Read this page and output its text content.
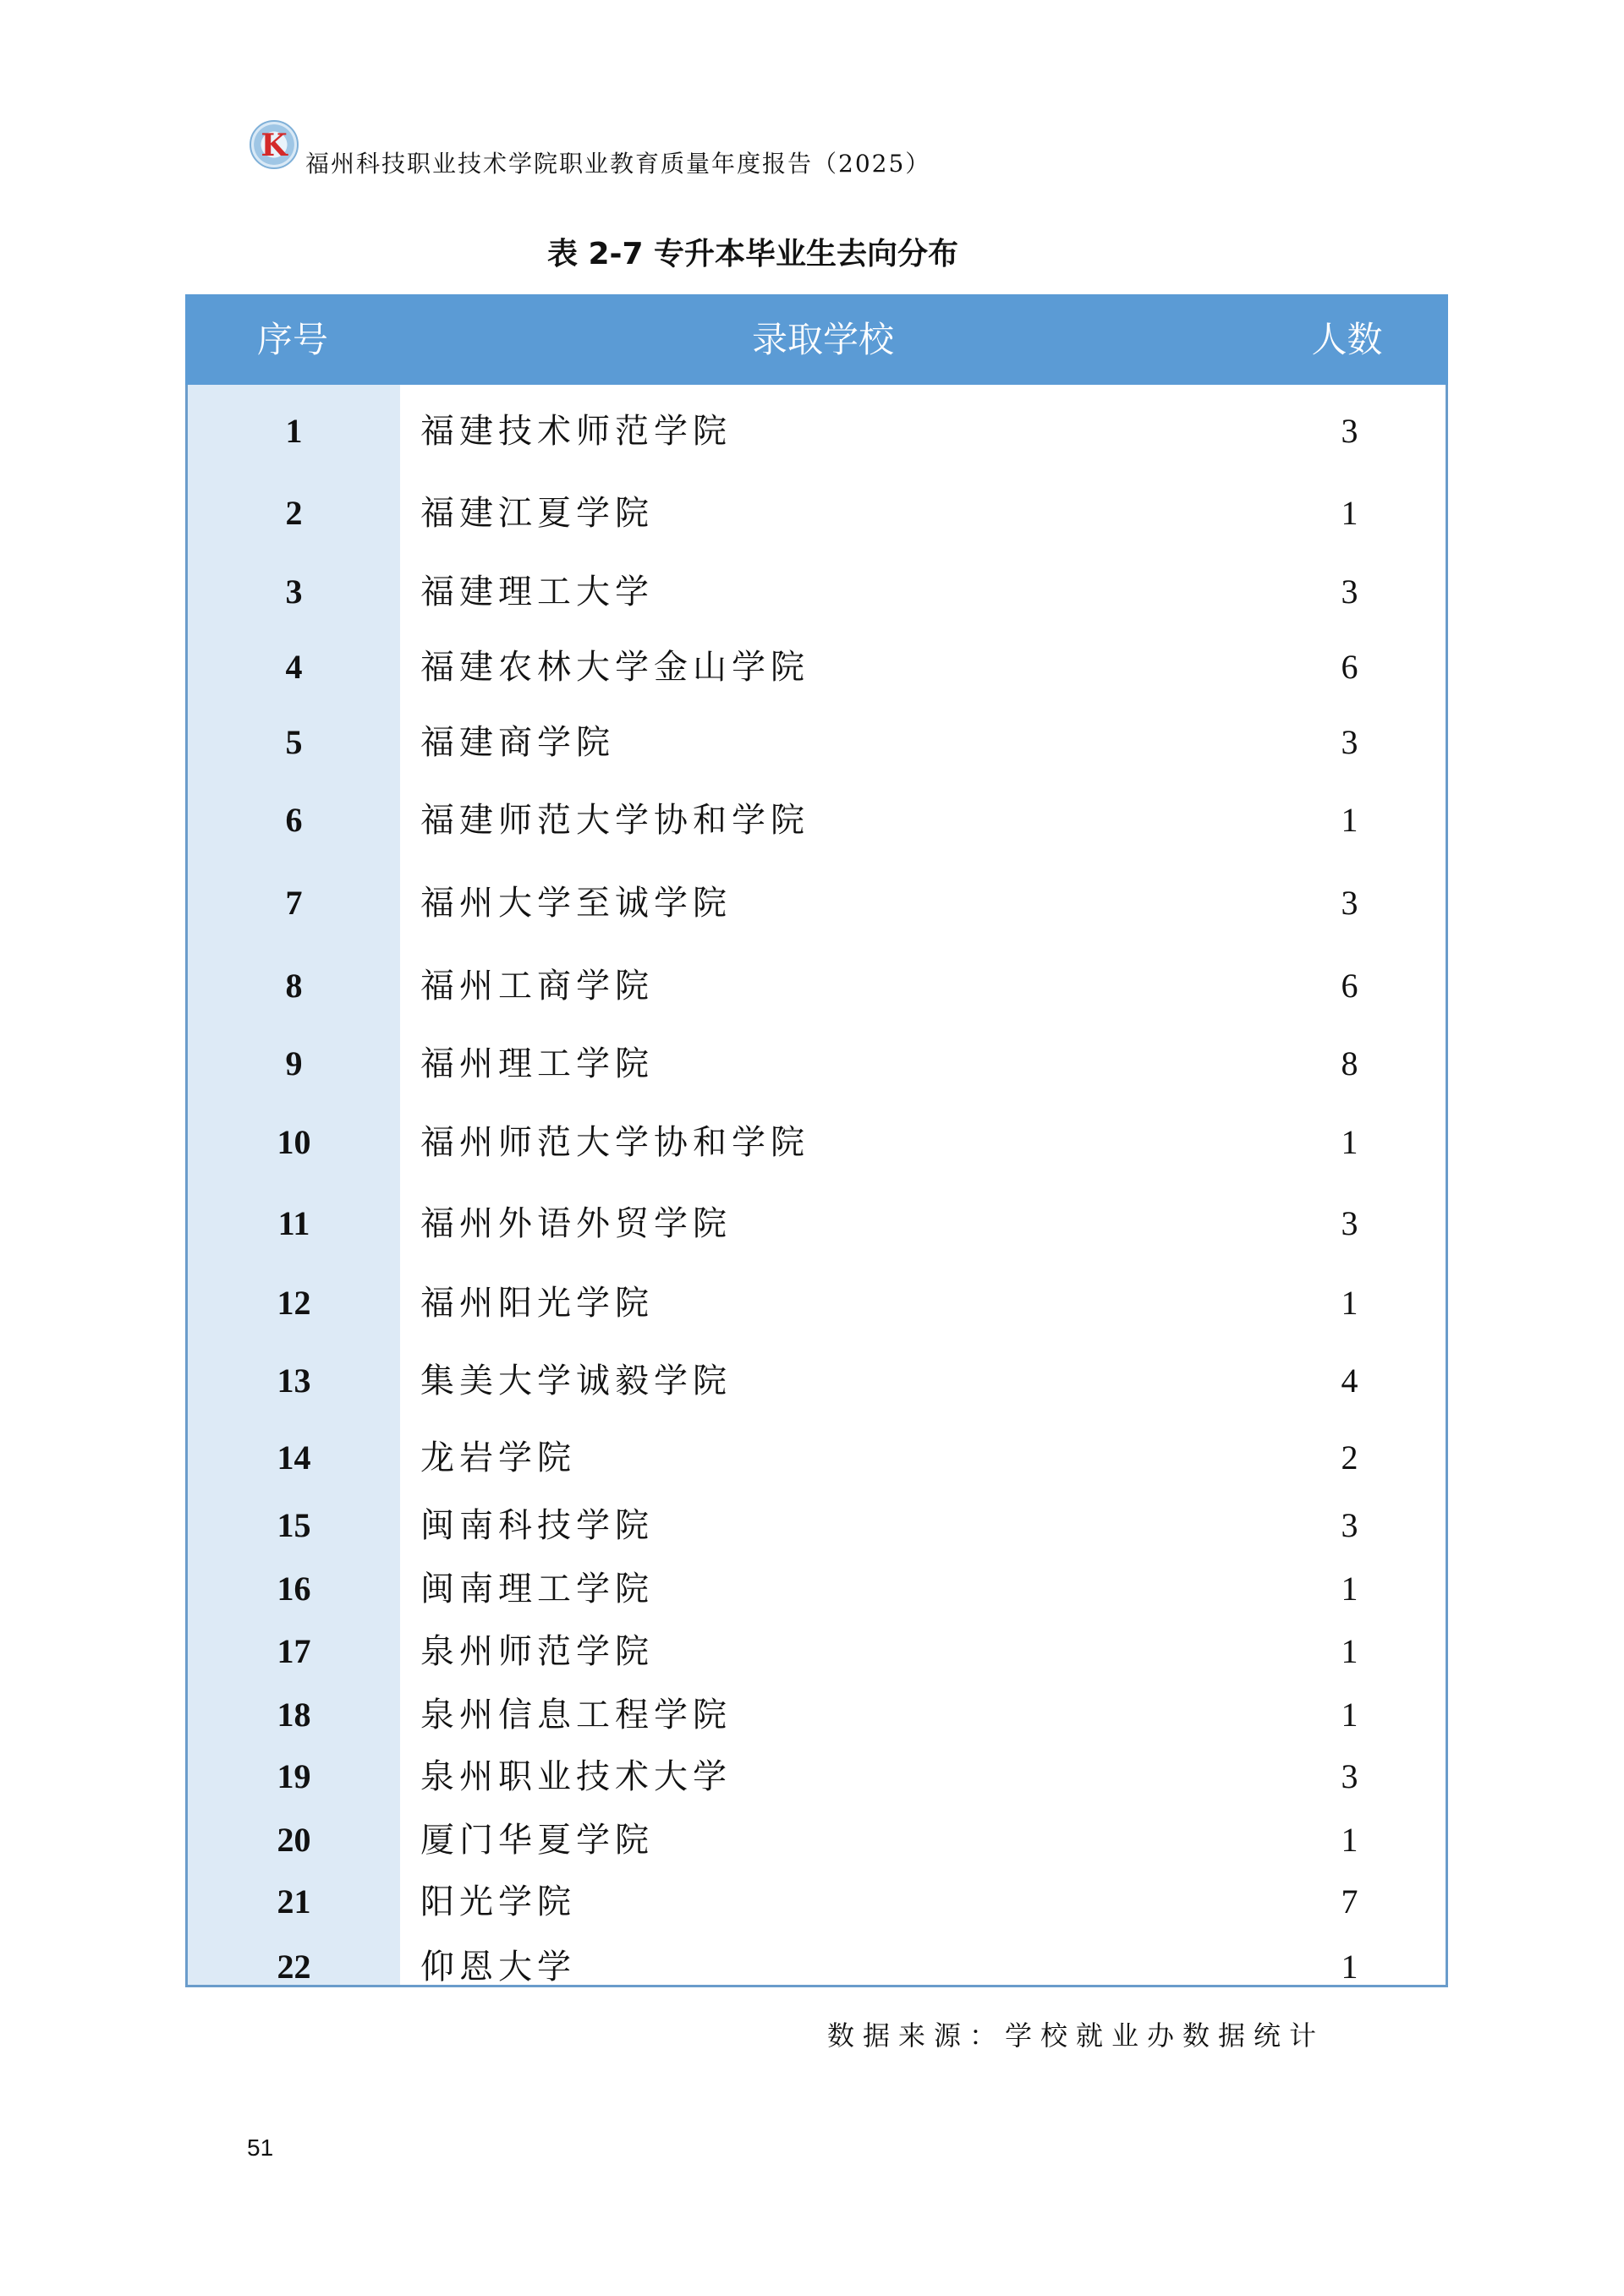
K
福州科技职业技术学院职业教育质量年度报告（2025）
表 2-7 专升本毕业生去向分布
序号	录取学校	人数
1	福建技术师范学院	3
2	福建江夏学院	1
3	福建理工大学	3
4	福建农林大学金山学院	6
5	福建商学院	3
6	福建师范大学协和学院	1
7	福州大学至诚学院	3
8	福州工商学院	6
9	福州理工学院	8
10	福州师范大学协和学院	1
11	福州外语外贸学院	3
12	福州阳光学院	1
13	集美大学诚毅学院	4
14	龙岩学院	2
15	闽南科技学院	3
16	闽南理工学院	1
17	泉州师范学院	1
18	泉州信息工程学院	1
19	泉州职业技术大学	3
20	厦门华夏学院	1
21	阳光学院	7
22	仰恩大学	1
数据来源：学校就业办数据统计
51
